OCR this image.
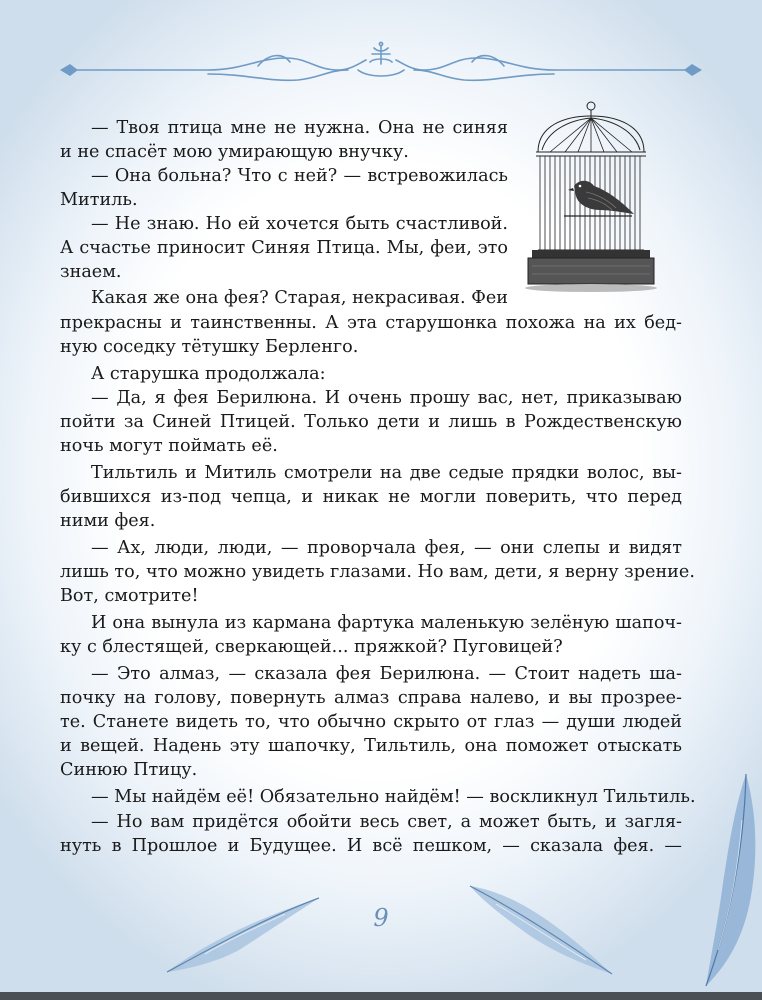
— Твоя птица мне не нужна. Она не синяя
и не спасёт мою умирающую внучку.
— Она больна? Что с ней? — встревожилась
Митиль.
— Не знаю. Но ей хочется быть счастливой.
А счастье приносит Синяя Птица. Мы, феи, это
знаем.
Какая же она фея? Старая, некрасивая. Феи
прекрасны и таинственны. А эта старушонка похожа на их бед-
ную соседку тётушку Берленго.
А старушка продолжала:
— Да, я фея Берилюна. И очень прошу вас, нет, приказываю
пойти за Синей Птицей. Только дети и лишь в Рождественскую
ночь могут поймать её.
Тильтиль и Митиль смотрели на две седые прядки волос, вы-
бившихся из-под чепца, и никак не могли поверить, что перед
ними фея.
— Ах, люди, люди, — проворчала фея, — они слепы и видят
лишь то, что можно увидеть глазами. Но вам, дети, я верну зрение.
Вот, смотрите!
И она вынула из кармана фартука маленькую зелёную шапоч-
ку с блестящей, сверкающей... пряжкой? Пуговицей?
— Это алмаз, — сказала фея Берилюна. — Стоит надеть ша-
почку на голову, повернуть алмаз справа налево, и вы прозрее-
те. Станете видеть то, что обычно скрыто от глаз — души людей
и вещей. Надень эту шапочку, Тильтиль, она поможет отыскать
Синюю Птицу.
— Мы найдём её! Обязательно найдём! — воскликнул Тильтиль.
— Но вам придётся обойти весь свет, а может быть, и загля-
нуть в Прошлое и Будущее. И всё пешком, — сказала фея. —
9
